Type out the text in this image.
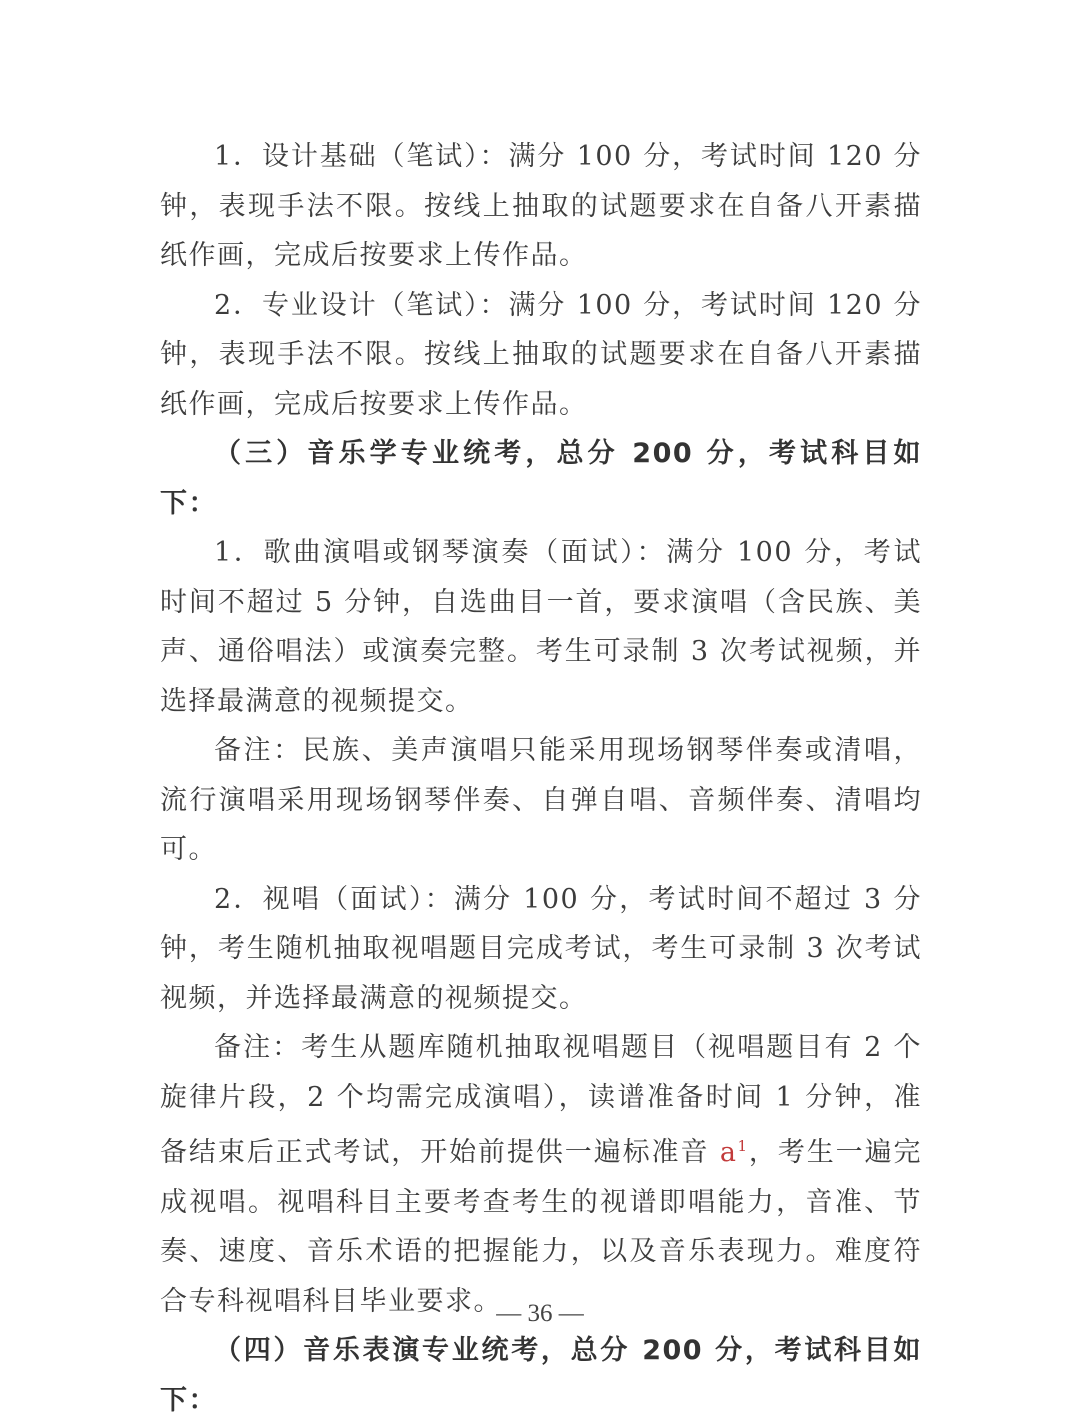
1．设计基础（笔试）：满分 100 分，考试时间 120 分钟，表现手法不限。按线上抽取的试题要求在自备八开素描纸作画，完成后按要求上传作品。

2．专业设计（笔试）：满分 100 分，考试时间 120 分钟，表现手法不限。按线上抽取的试题要求在自备八开素描纸作画，完成后按要求上传作品。

（三）音乐学专业统考，总分 200 分，考试科目如下：

1．歌曲演唱或钢琴演奏（面试）：满分 100 分，考试时间不超过 5 分钟，自选曲目一首，要求演唱（含民族、美声、通俗唱法）或演奏完整。考生可录制 3 次考试视频，并选择最满意的视频提交。

备注：民族、美声演唱只能采用现场钢琴伴奏或清唱，流行演唱采用现场钢琴伴奏、自弹自唱、音频伴奏、清唱均可。

2．视唱（面试）：满分 100 分，考试时间不超过 3 分钟，考生随机抽取视唱题目完成考试，考生可录制 3 次考试视频，并选择最满意的视频提交。

备注：考生从题库随机抽取视唱题目（视唱题目有 2 个旋律片段，2 个均需完成演唱），读谱准备时间 1 分钟，准备结束后正式考试，开始前提供一遍标准音 $a^1$，考生一遍完成视唱。视唱科目主要考查考生的视谱即唱能力，音准、节奏、速度、音乐术语的把握能力，以及音乐表现力。难度符合专科视唱科目毕业要求。

（四）音乐表演专业统考，总分 200 分，考试科目如下：

— 36 —
